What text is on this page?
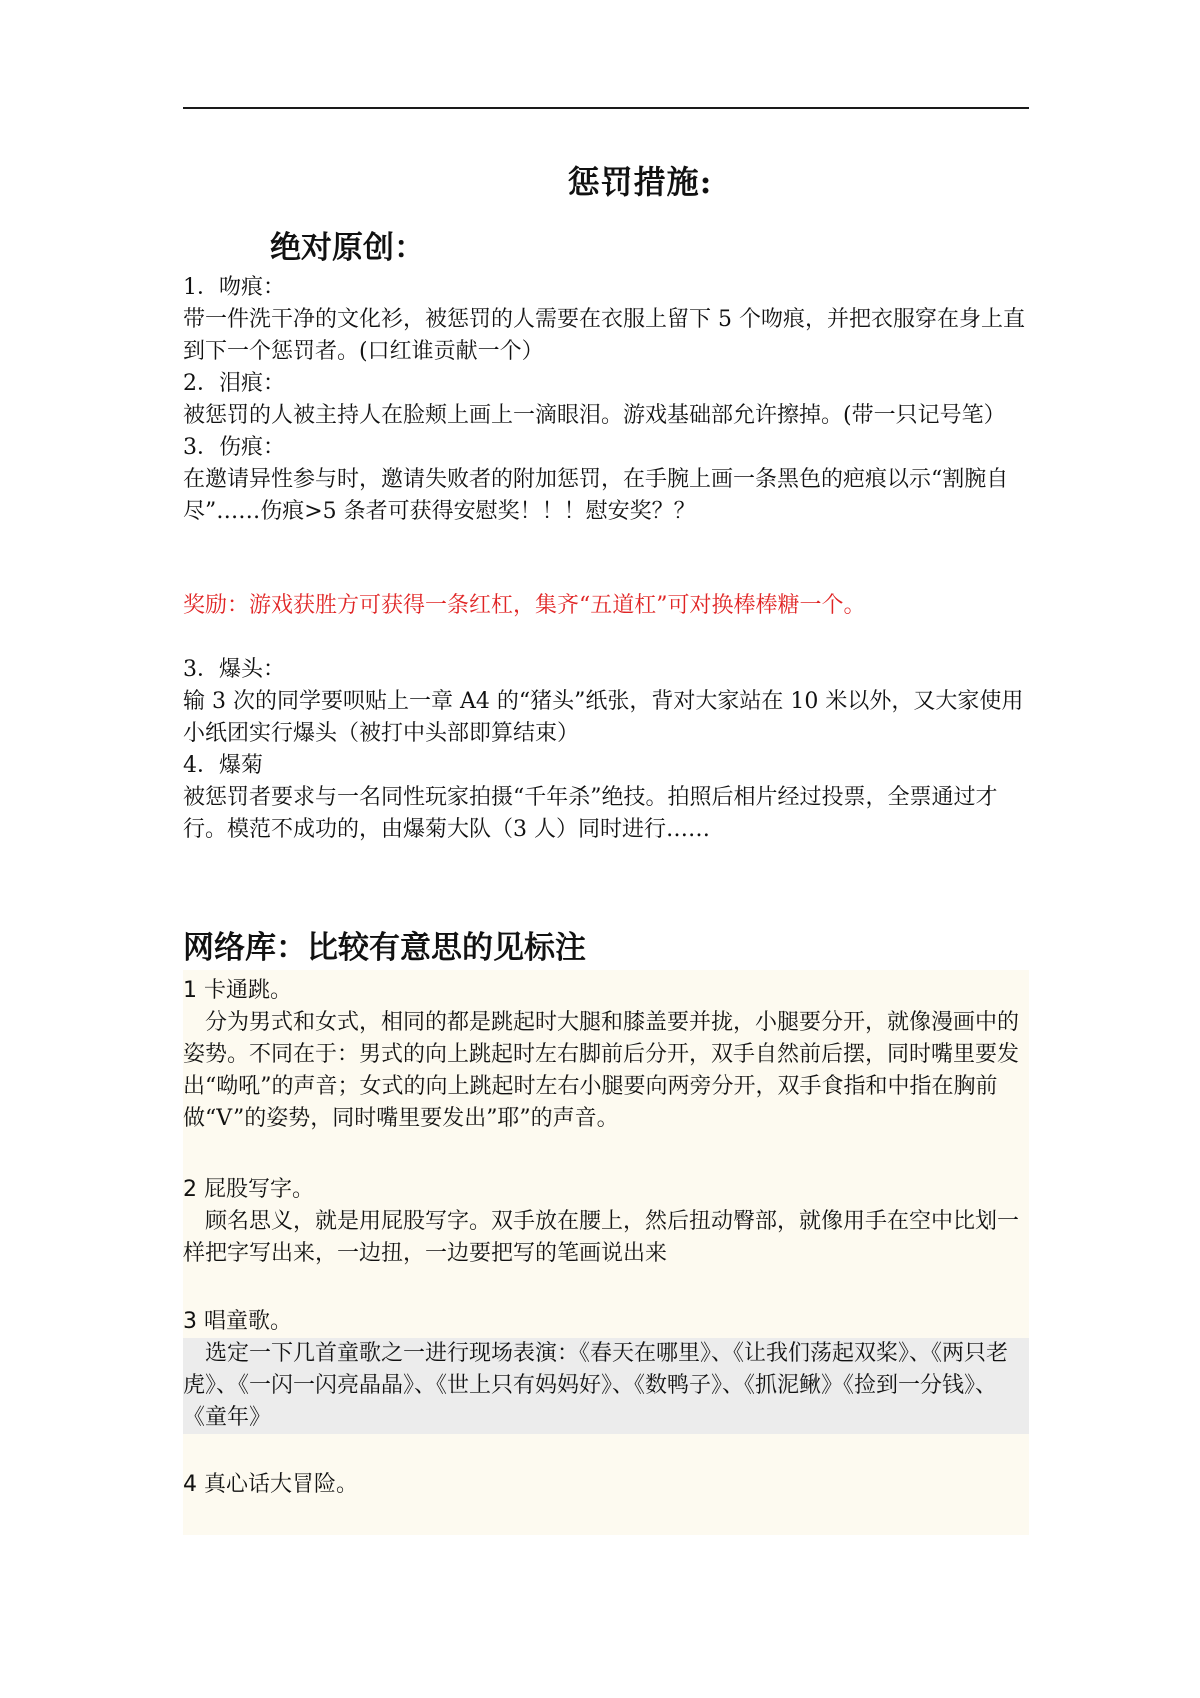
惩罚措施:
绝对原创：

1．吻痕：

带一件洗干净的文化衫，被惩罚的人需要在衣服上留下 5 个吻痕，并把衣服穿在身上直到下一个惩罚者。(口红谁贡献一个）

2．泪痕：

被惩罚的人被主持人在脸颊上画上一滴眼泪。游戏基础部允许擦掉。(带一只记号笔）

3．伤痕：

在邀请异性参与时，邀请失败者的附加惩罚，在手腕上画一条黑色的疤痕以示“割腕自尽”……伤痕>5 条者可获得安慰奖！！！慰安奖？？

奖励：游戏获胜方可获得一条红杠，集齐“五道杠”可对换棒棒糖一个。

3．爆头：

输 3 次的同学要呗贴上一章 A4 的“猪头”纸张，背对大家站在 10 米以外，又大家使用小纸团实行爆头（被打中头部即算结束）

4．爆菊

被惩罚者要求与一名同性玩家拍摄“千年杀”绝技。拍照后相片经过投票，全票通过才行。模范不成功的，由爆菊大队（3 人）同时进行……

网络库：比较有意思的见标注

1 卡通跳。

分为男式和女式，相同的都是跳起时大腿和膝盖要并拢，小腿要分开，就像漫画中的姿势。不同在于：男式的向上跳起时左右脚前后分开，双手自然前后摆，同时嘴里要发出“呦吼”的声音；女式的向上跳起时左右小腿要向两旁分开，双手食指和中指在胸前做“V”的姿势，同时嘴里要发出”耶”的声音。

2 屁股写字。

顾名思义，就是用屁股写字。双手放在腰上，然后扭动臀部，就像用手在空中比划一样把字写出来，一边扭，一边要把写的笔画说出来

3 唱童歌。

选定一下几首童歌之一进行现场表演：《春天在哪里》、《让我们荡起双桨》、《两只老虎》、《一闪一闪亮晶晶》、《世上只有妈妈好》、《数鸭子》、《抓泥鳅》《捡到一分钱》、《童年》

4 真心话大冒险。
